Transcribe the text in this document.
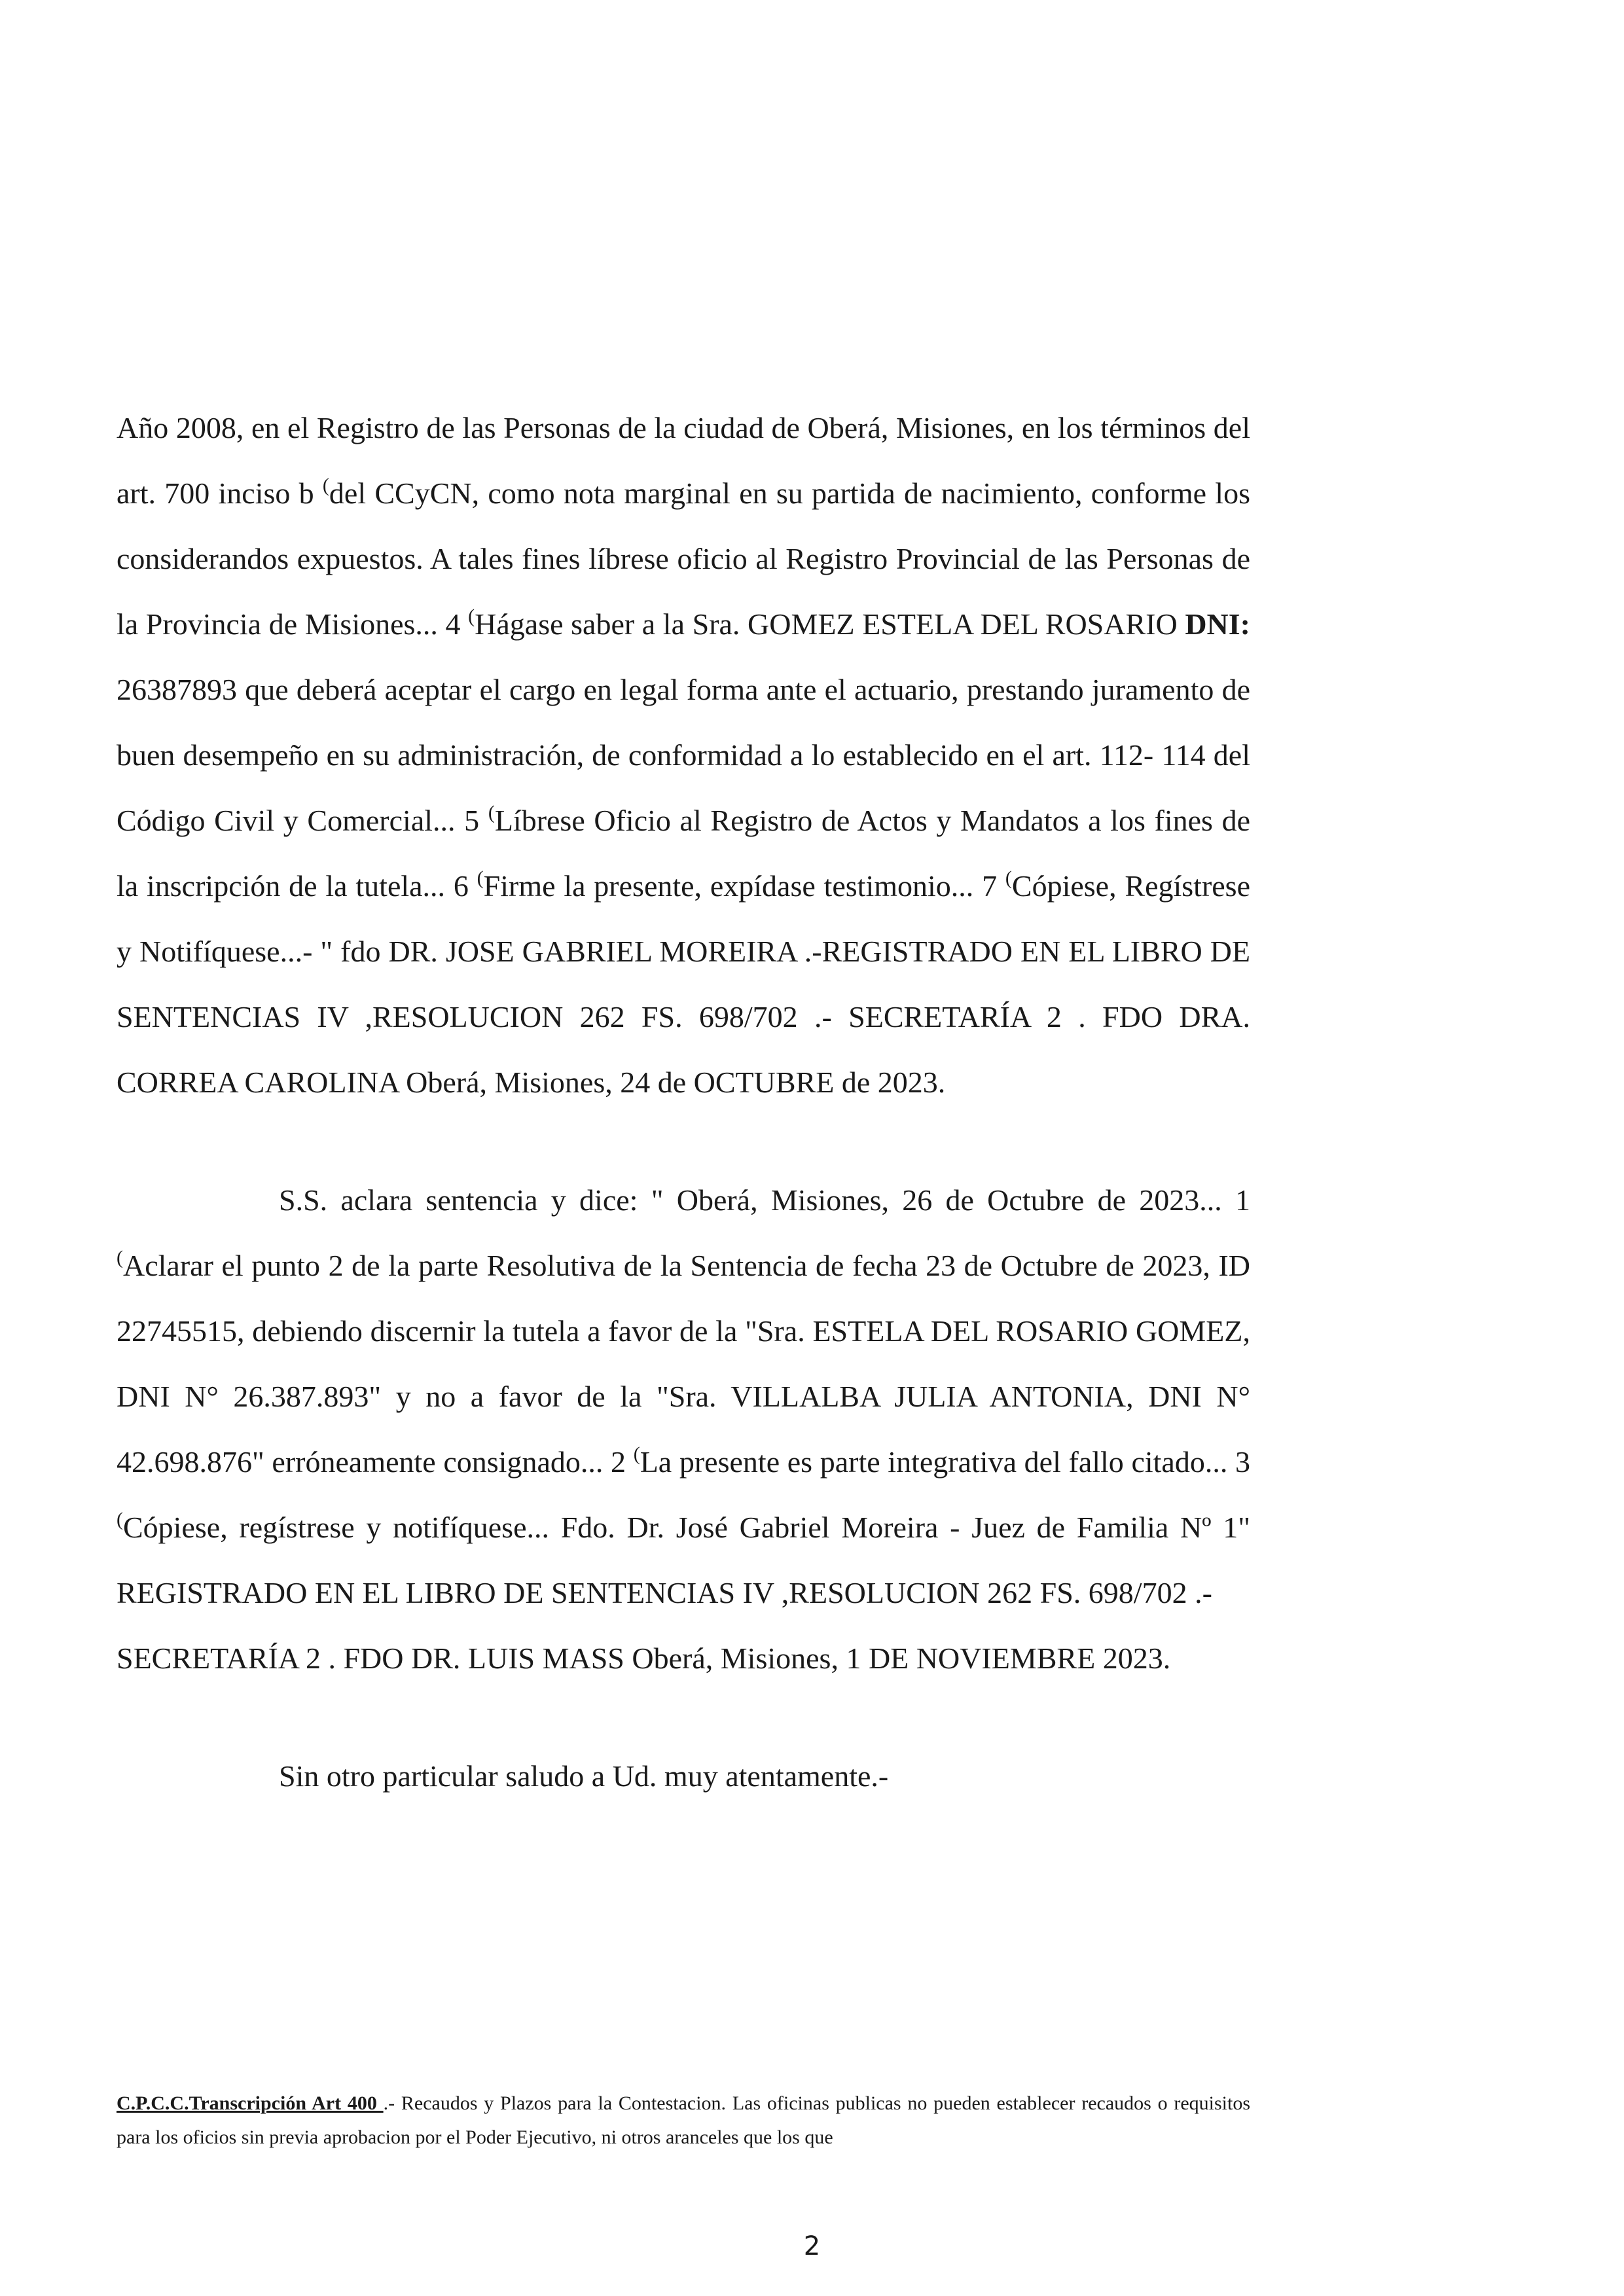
Año 2008, en el Registro de las Personas de la ciudad de Oberá, Misiones, en los términos del art. 700 inciso b (del CCyCN, como nota marginal en su partida de nacimiento, conforme los considerandos expuestos. A tales fines líbrese oficio al Registro Provincial de las Personas de la Provincia de Misiones... 4 (Hágase saber a la Sra. GOMEZ ESTELA DEL ROSARIO DNI: 26387893 que deberá aceptar el cargo en legal forma ante el actuario, prestando juramento de buen desempeño en su administración, de conformidad a lo establecido en el art. 112- 114 del Código Civil y Comercial... 5 (Líbrese Oficio al Registro de Actos y Mandatos a los fines de la inscripción de la tutela... 6 (Firme la presente, expídase testimonio... 7 (Cópiese, Regístrese y Notifíquese...- " fdo DR. JOSE GABRIEL MOREIRA .-REGISTRADO EN EL LIBRO DE SENTENCIAS IV ,RESOLUCION 262 FS. 698/702 .- SECRETARÍA 2 . FDO DRA. CORREA CAROLINA Oberá, Misiones, 24 de OCTUBRE de 2023.

S.S. aclara sentencia y dice: " Oberá, Misiones, 26 de Octubre de 2023... 1 (Aclarar el punto 2 de la parte Resolutiva de la Sentencia de fecha 23 de Octubre de 2023, ID 22745515, debiendo discernir la tutela a favor de la "Sra. ESTELA DEL ROSARIO GOMEZ, DNI N° 26.387.893" y no a favor de la "Sra. VILLALBA JULIA ANTONIA, DNI N° 42.698.876" erróneamente consignado... 2 (La presente es parte integrativa del fallo citado... 3 (Cópiese, regístrese y notifíquese... Fdo. Dr. José Gabriel Moreira - Juez de Familia Nº 1" REGISTRADO EN EL LIBRO DE SENTENCIAS IV ,RESOLUCION 262 FS. 698/702 .-

SECRETARÍA 2 . FDO DR. LUIS MASS Oberá, Misiones, 1 DE NOVIEMBRE 2023.

Sin otro particular saludo a Ud. muy atentamente.-

C.P.C.C.Transcripción Art 400 .- Recaudos y Plazos para la Contestacion. Las oficinas publicas no pueden establecer recaudos o requisitos para los oficios sin previa aprobacion por el Poder Ejecutivo, ni otros aranceles que los que
2
